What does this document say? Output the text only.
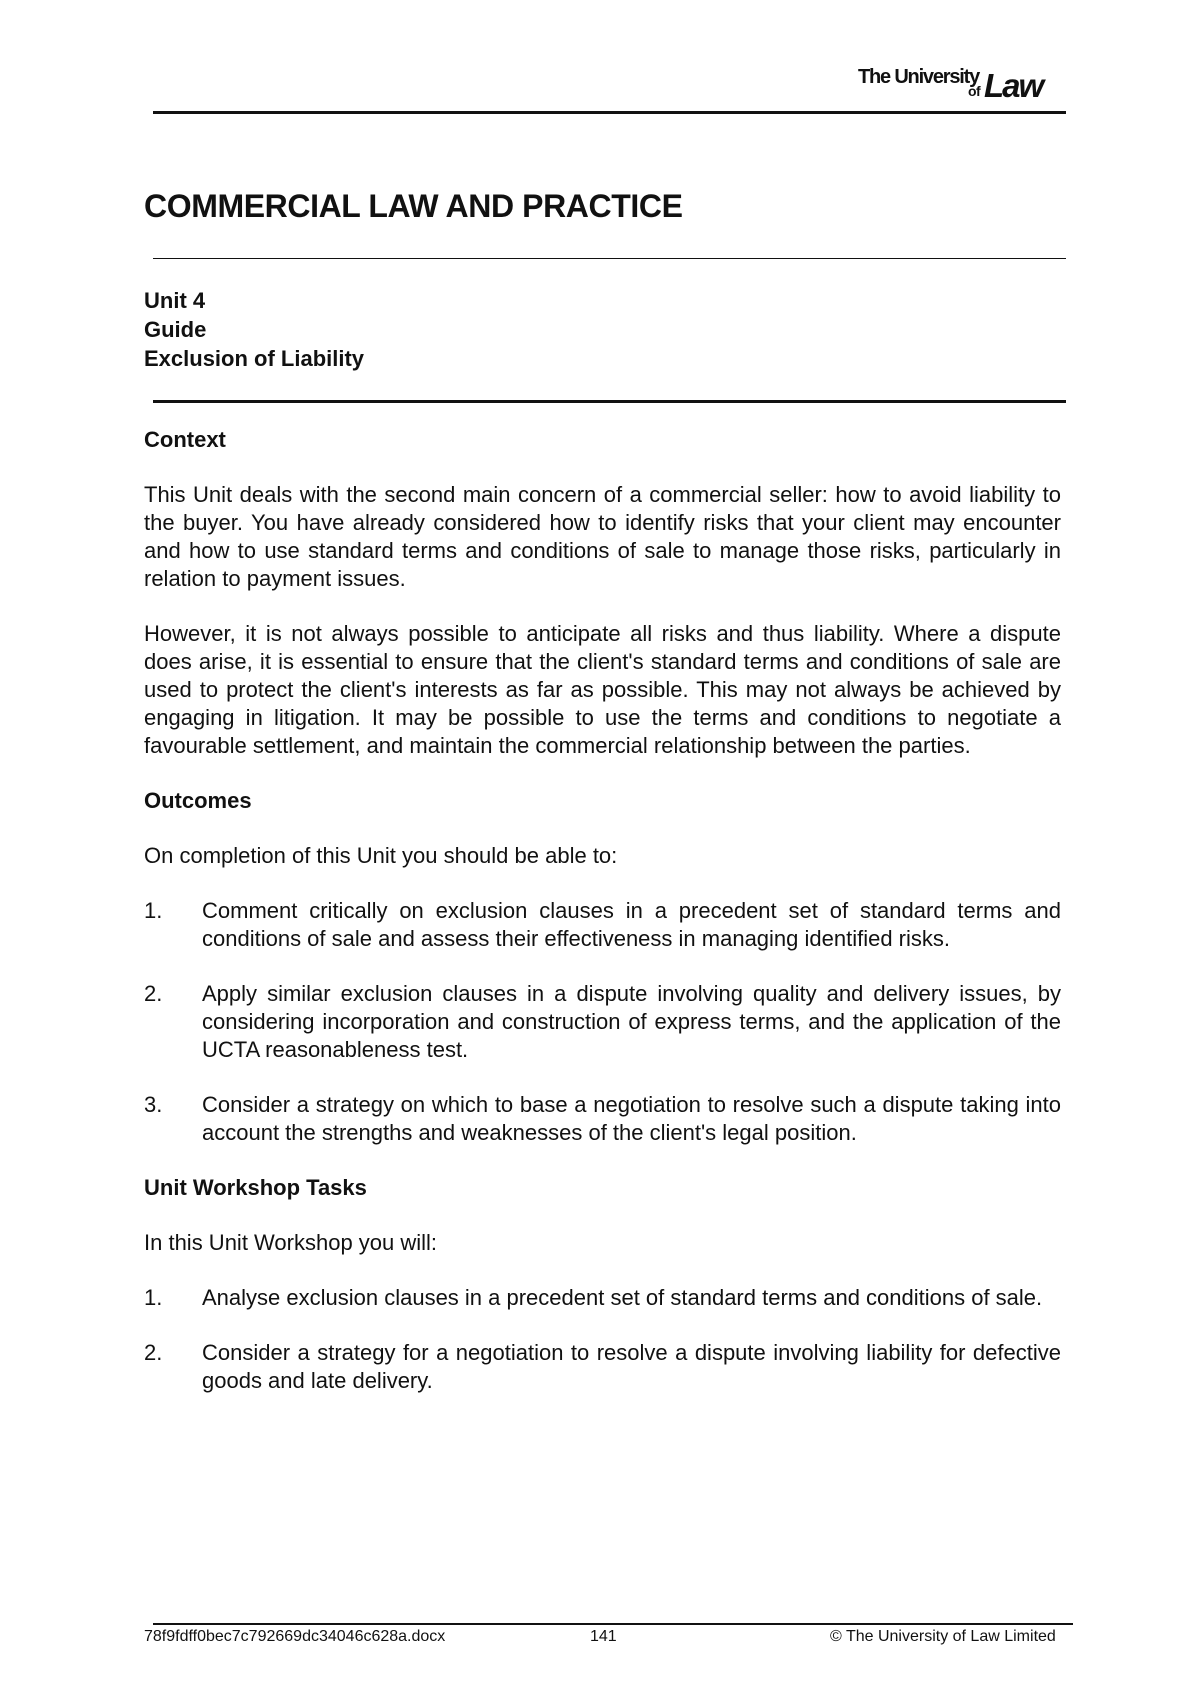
The University
of Law
COMMERCIAL LAW AND PRACTICE
Unit 4
Guide
Exclusion of Liability
Context

This Unit deals with the second main concern of a commercial seller: how to avoid liability to the buyer. You have already considered how to identify risks that your client may encounter and how to use standard terms and conditions of sale to manage those risks, particularly in relation to payment issues.

However, it is not always possible to anticipate all risks and thus liability. Where a dispute does arise, it is essential to ensure that the client's standard terms and conditions of sale are used to protect the client's interests as far as possible. This may not always be achieved by engaging in litigation. It may be possible to use the terms and conditions to negotiate a favourable settlement, and maintain the commercial relationship between the parties.

Outcomes

On completion of this Unit you should be able to:

1. Comment critically on exclusion clauses in a precedent set of standard terms and conditions of sale and assess their effectiveness in managing identified risks.
2. Apply similar exclusion clauses in a dispute involving quality and delivery issues, by considering incorporation and construction of express terms, and the application of the UCTA reasonableness test.
3. Consider a strategy on which to base a negotiation to resolve such a dispute taking into account the strengths and weaknesses of the client's legal position.
Unit Workshop Tasks

In this Unit Workshop you will:

1. Analyse exclusion clauses in a precedent set of standard terms and conditions of sale.
2. Consider a strategy for a negotiation to resolve a dispute involving liability for defective goods and late delivery.
78f9fdff0bec7c792669dc34046c628a.docx	141	© The University of Law Limited
